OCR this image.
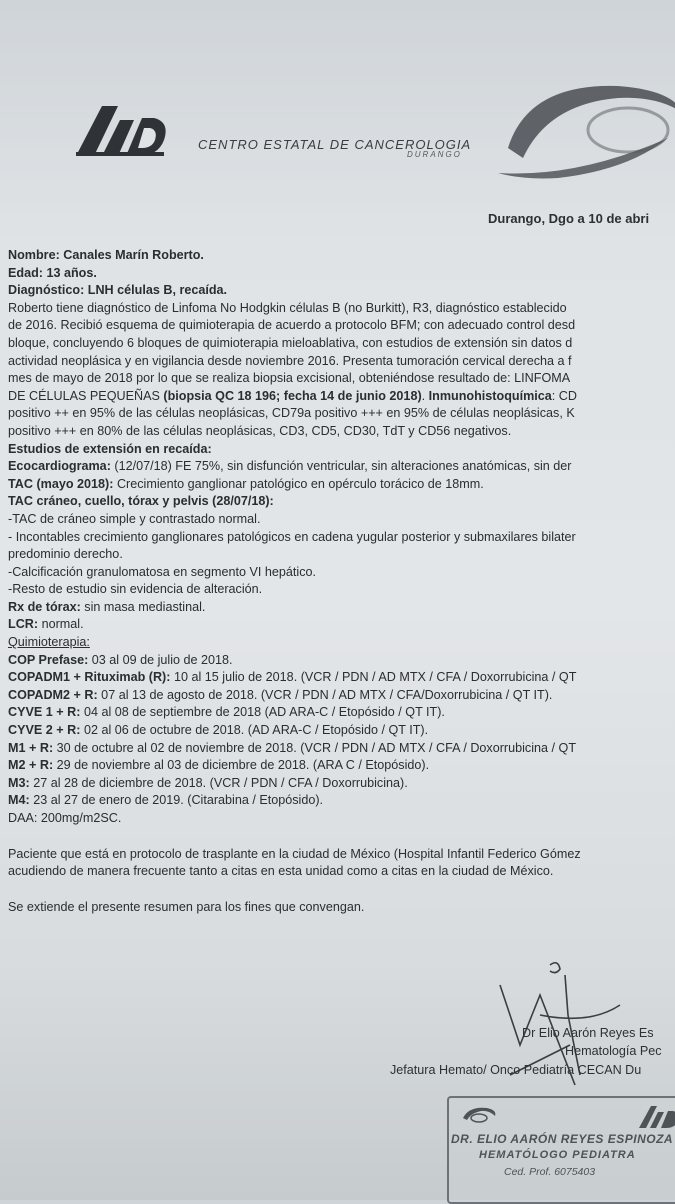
CENTRO ESTATAL DE CANCEROLOGIA
DURANGO
Durango, Dgo a 10 de abri
Nombre: Canales Marín Roberto.
Edad: 13 años.
Diagnóstico: LNH células B, recaída.
Roberto tiene diagnóstico de Linfoma No Hodgkin células B (no Burkitt), R3, diagnóstico establecido
de 2016. Recibió esquema de quimioterapia de acuerdo a protocolo BFM; con adecuado control desd
bloque, concluyendo 6 bloques de quimioterapia mieloablativa, con estudios de extensión sin datos d
actividad neoplásica y en vigilancia desde noviembre 2016. Presenta tumoración cervical derecha a f
mes de mayo de 2018 por lo que se realiza biopsia excisional, obteniéndose resultado de: LINFOMA
DE CÉLULAS PEQUEÑAS (biopsia QC 18 196; fecha 14 de junio 2018). Inmunohistoquímica: CD
positivo ++ en 95% de las células neoplásicas, CD79a positivo +++ en 95% de células neoplásicas, K
positivo +++ en 80% de las células neoplásicas, CD3, CD5, CD30, TdT y CD56 negativos.
Estudios de extensión en recaída:
Ecocardiograma: (12/07/18) FE 75%, sin disfunción ventricular, sin alteraciones anatómicas, sin der
TAC (mayo 2018): Crecimiento ganglionar patológico en opérculo torácico de 18mm.
TAC cráneo, cuello, tórax y pelvis (28/07/18):
-TAC de cráneo simple y contrastado normal.
- Incontables crecimiento ganglionares patológicos en cadena yugular posterior y submaxilares bilater
predominio derecho.
-Calcificación granulomatosa en segmento VI hepático.
-Resto de estudio sin evidencia de alteración.
Rx de tórax: sin masa mediastinal.
LCR: normal.
Quimioterapia:
COP Prefase: 03 al 09 de julio de 2018.
COPADM1 + Rituximab (R): 10 al 15 julio de 2018. (VCR / PDN / AD MTX / CFA / Doxorrubicina / QT
COPADM2 + R: 07 al 13 de agosto de 2018. (VCR / PDN / AD MTX / CFA/Doxorrubicina / QT IT).
CYVE 1 + R: 04 al 08 de septiembre de 2018 (AD ARA-C / Etopósido / QT IT).
CYVE 2 + R: 02 al 06 de octubre de 2018. (AD ARA-C / Etopósido / QT IT).
M1 + R: 30 de octubre al 02 de noviembre de 2018. (VCR / PDN / AD MTX / CFA / Doxorrubicina / QT
M2 + R: 29 de noviembre al 03 de diciembre de 2018. (ARA C / Etopósido).
M3: 27 al 28 de diciembre de 2018. (VCR / PDN / CFA / Doxorrubicina).
M4: 23 al 27 de enero de 2019. (Citarabina / Etopósido).
DAA: 200mg/m2SC.
Paciente que está en protocolo de trasplante en la ciudad de México (Hospital Infantil Federico Gómez
acudiendo de manera frecuente tanto a citas en esta unidad como a citas en la ciudad de México.
Se extiende el presente resumen para los fines que convengan.
Dr Elio Aarón Reyes Es
Hematología Pec
Jefatura Hemato/ Onco Pediatría CECAN Du
DR. ELIO AARÓN REYES ESPINOZA
HEMATÓLOGO PEDIATRA
Ced. Prof. 6075403
